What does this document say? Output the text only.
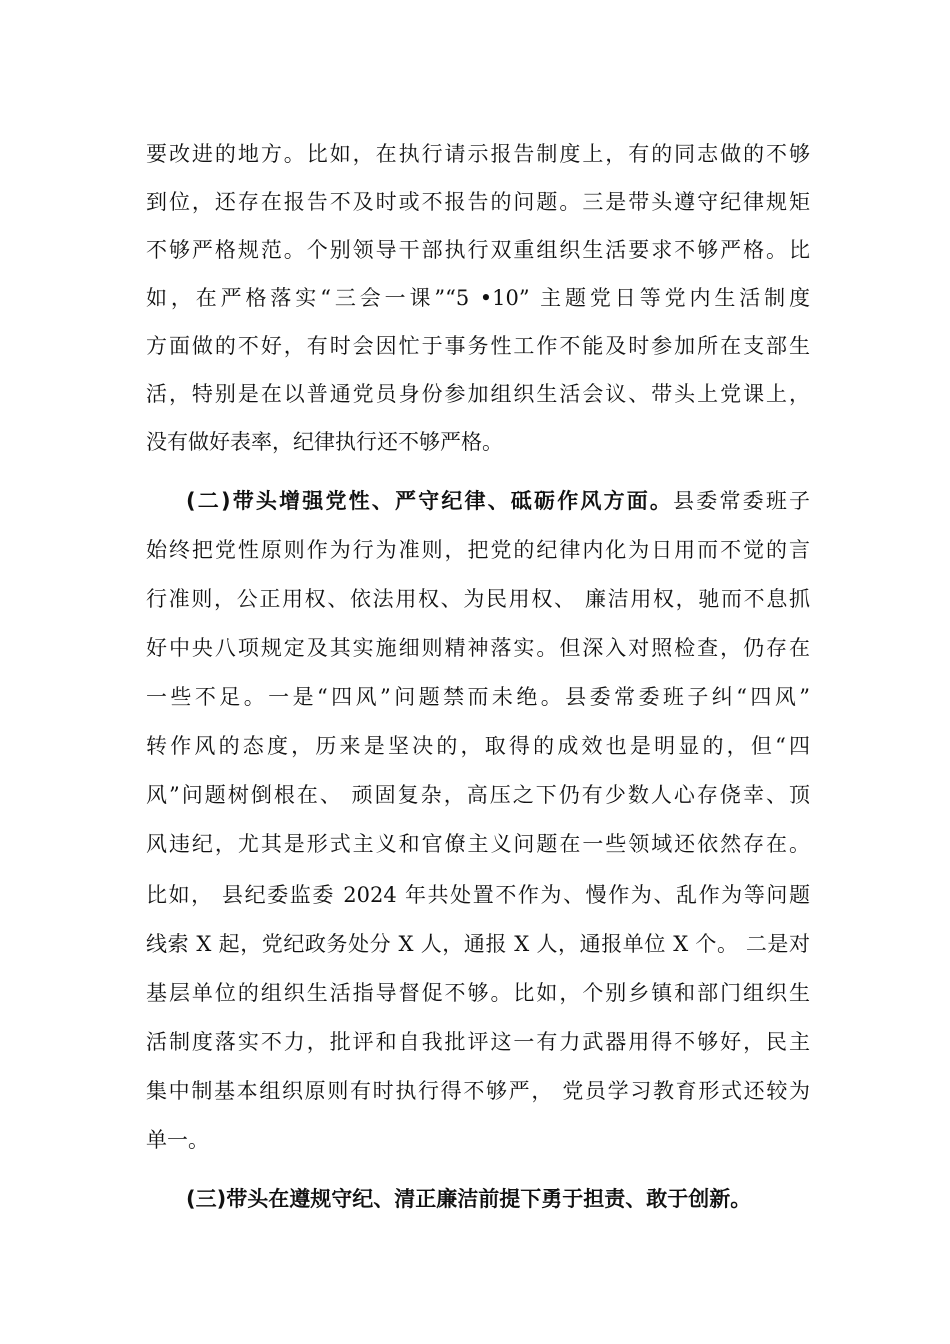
要改进的地方。比如，在执行请示报告制度上，有的同志做的不够
到位，还存在报告不及时或不报告的问题。三是带头遵守纪律规矩
不够严格规范。个别领导干部执行双重组织生活要求不够严格。比
如，在严格落实“三会一课”“5 •10” 主题党日等党内生活制度
方面做的不好，有时会因忙于事务性工作不能及时参加所在支部生
活，特别是在以普通党员身份参加组织生活会议、带头上党课上，
没有做好表率，纪律执行还不够严格。
(二)带头增强党性、严守纪律、砥砺作风方面。县委常委班子
始终把党性原则作为行为准则，把党的纪律内化为日用而不觉的言
行准则，公正用权、依法用权、为民用权、 廉洁用权，驰而不息抓
好中央八项规定及其实施细则精神落实。但深入对照检查，仍存在
一些不足。一是“四风”问题禁而未绝。县委常委班子纠“四风”
转作风的态度，历来是坚决的，取得的成效也是明显的，但“四
风”问题树倒根在、 顽固复杂，高压之下仍有少数人心存侥幸、顶
风违纪，尤其是形式主义和官僚主义问题在一些领域还依然存在。
比如， 县纪委监委 2024 年共处置不作为、慢作为、乱作为等问题
线索 X 起，党纪政务处分 X 人，通报 X 人，通报单位 X 个。 二是对
基层单位的组织生活指导督促不够。比如，个别乡镇和部门组织生
活制度落实不力，批评和自我批评这一有力武器用得不够好，民主
集中制基本组织原则有时执行得不够严， 党员学习教育形式还较为
单一。
(三)带头在遵规守纪、清正廉洁前提下勇于担责、敢于创新。
